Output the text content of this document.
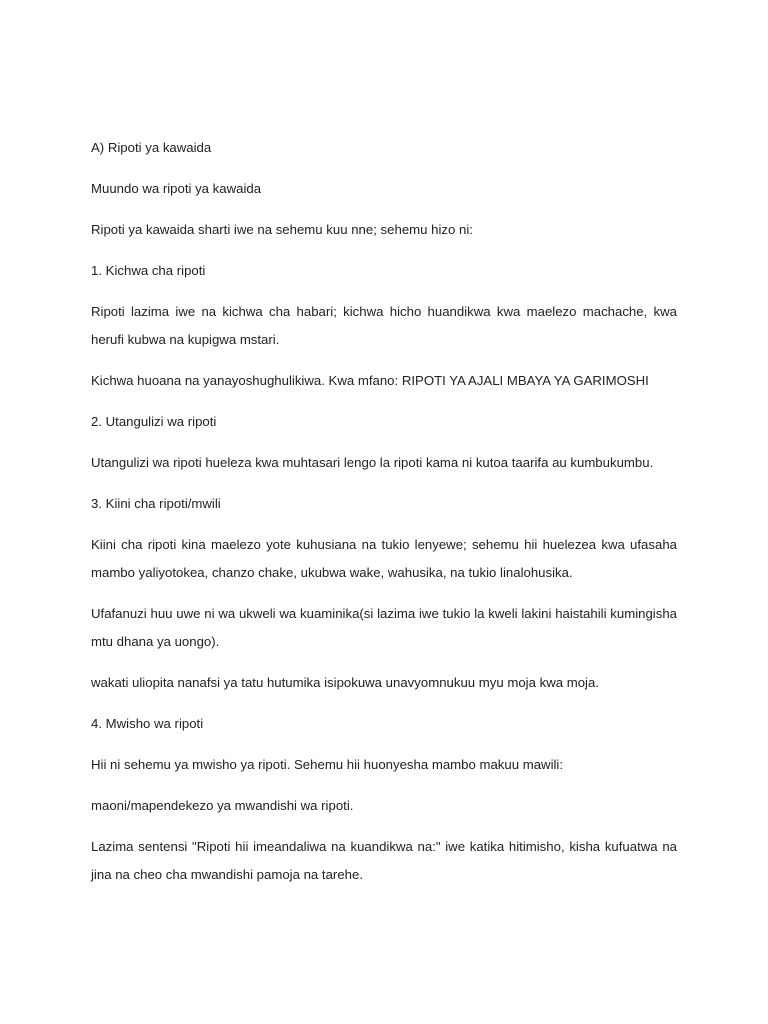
A) Ripoti ya kawaida

Muundo wa ripoti ya kawaida

Ripoti ya kawaida sharti iwe na sehemu kuu nne; sehemu hizo ni:

1. Kichwa cha ripoti

Ripoti lazima iwe na kichwa cha habari; kichwa hicho huandikwa kwa maelezo machache, kwa herufi kubwa na kupigwa mstari.

Kichwa huoana na yanayoshughulikiwa. Kwa mfano: RIPOTI YA AJALI MBAYA YA GARIMOSHI

2. Utangulizi wa ripoti

Utangulizi wa ripoti hueleza kwa muhtasari lengo la ripoti kama ni kutoa taarifa au kumbukumbu.

3. Kiini cha ripoti/mwili

Kiini cha ripoti kina maelezo yote kuhusiana na tukio lenyewe; sehemu hii huelezea kwa ufasaha mambo yaliyotokea, chanzo chake, ukubwa wake, wahusika, na tukio linalohusika.

Ufafanuzi huu uwe ni wa ukweli wa kuaminika(si lazima iwe tukio la kweli lakini haistahili kumingisha mtu dhana ya uongo).

wakati uliopita nanafsi ya tatu hutumika isipokuwa unavyomnukuu myu moja kwa moja.

4. Mwisho wa ripoti

Hii ni sehemu ya mwisho ya ripoti. Sehemu hii huonyesha mambo makuu mawili:

maoni/mapendekezo ya mwandishi wa ripoti.

Lazima sentensi "Ripoti hii imeandaliwa na kuandikwa na:" iwe katika hitimisho, kisha kufuatwa na jina na cheo cha mwandishi pamoja na tarehe.
